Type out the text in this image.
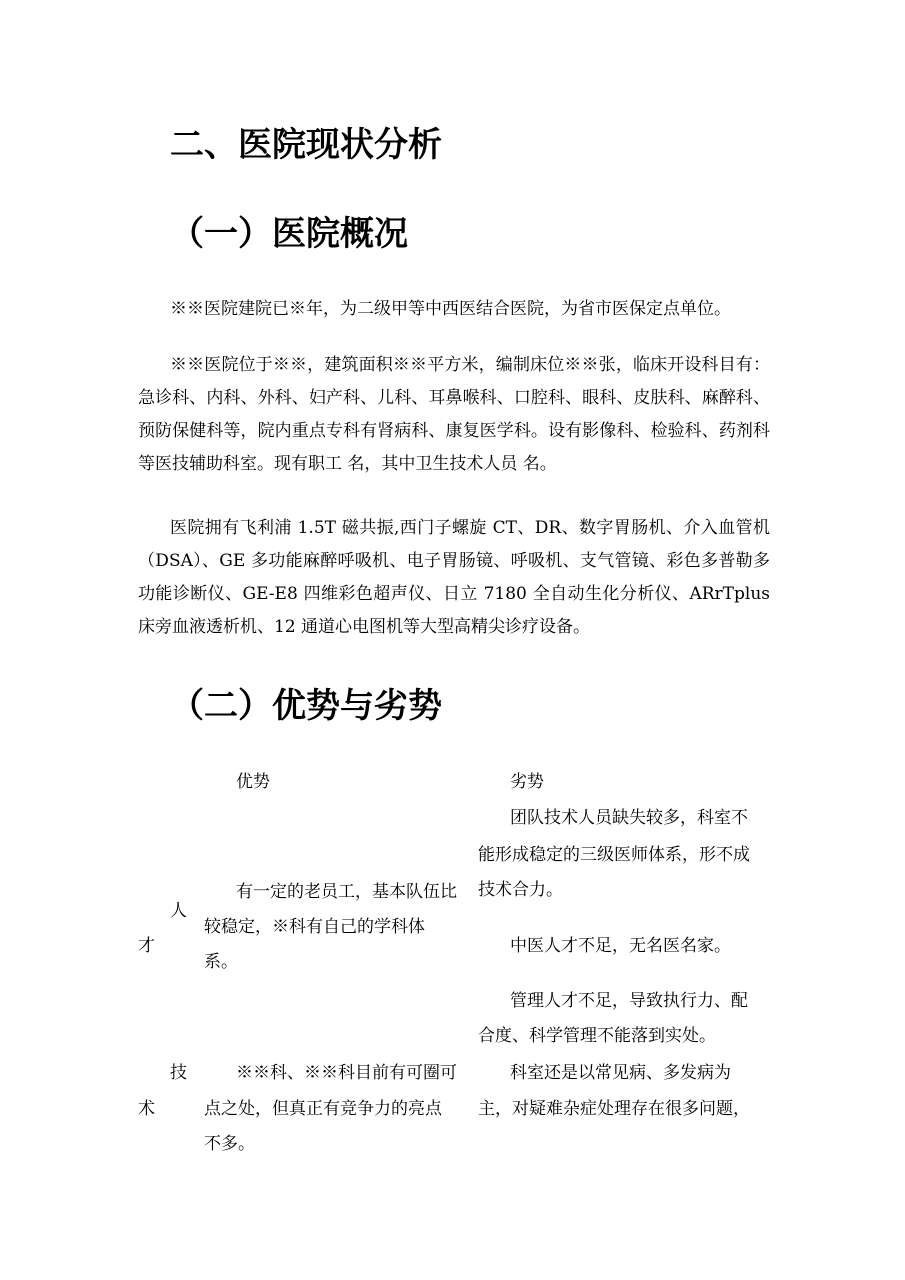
二、医院现状分析
（一）医院概况

※※医院建院已※年，为二级甲等中西医结合医院，为省市医保定点单位。

※※医院位于※※，建筑面积※※平方米，编制床位※※张，临床开设科目有：急诊科、内科、外科、妇产科、儿科、耳鼻喉科、口腔科、眼科、皮肤科、麻醉科、预防保健科等，院内重点专科有肾病科、康复医学科。设有影像科、检验科、药剂科等医技辅助科室。现有职工 名，其中卫生技术人员 名。

医院拥有飞利浦 1.5T 磁共振,西门子螺旋 CT、DR、数字胃肠机、介入血管机（DSA）、GE 多功能麻醉呼吸机、电子胃肠镜、呼吸机、支气管镜、彩色多普勒多功能诊断仪、GE-E8 四维彩色超声仪、日立 7180 全自动生化分析仪、ARrTplus 床旁血液透析机、12 通道心电图机等大型高精尖诊疗设备。

（二）优势与劣势
优势	劣势
人
才
有一定的老员工，基本队伍比
较稳定，※科有自己的学科体
系。
团队技术人员缺失较多，科室不
能形成稳定的三级医师体系，形不成
技术合力。
中医人才不足，无名医名家。
管理人才不足，导致执行力、配
合度、科学管理不能落到实处。
技
术
※※科、※※科目前有可圈可
点之处，但真正有竞争力的亮点
不多。
科室还是以常见病、多发病为
主，对疑难杂症处理存在很多问题，
